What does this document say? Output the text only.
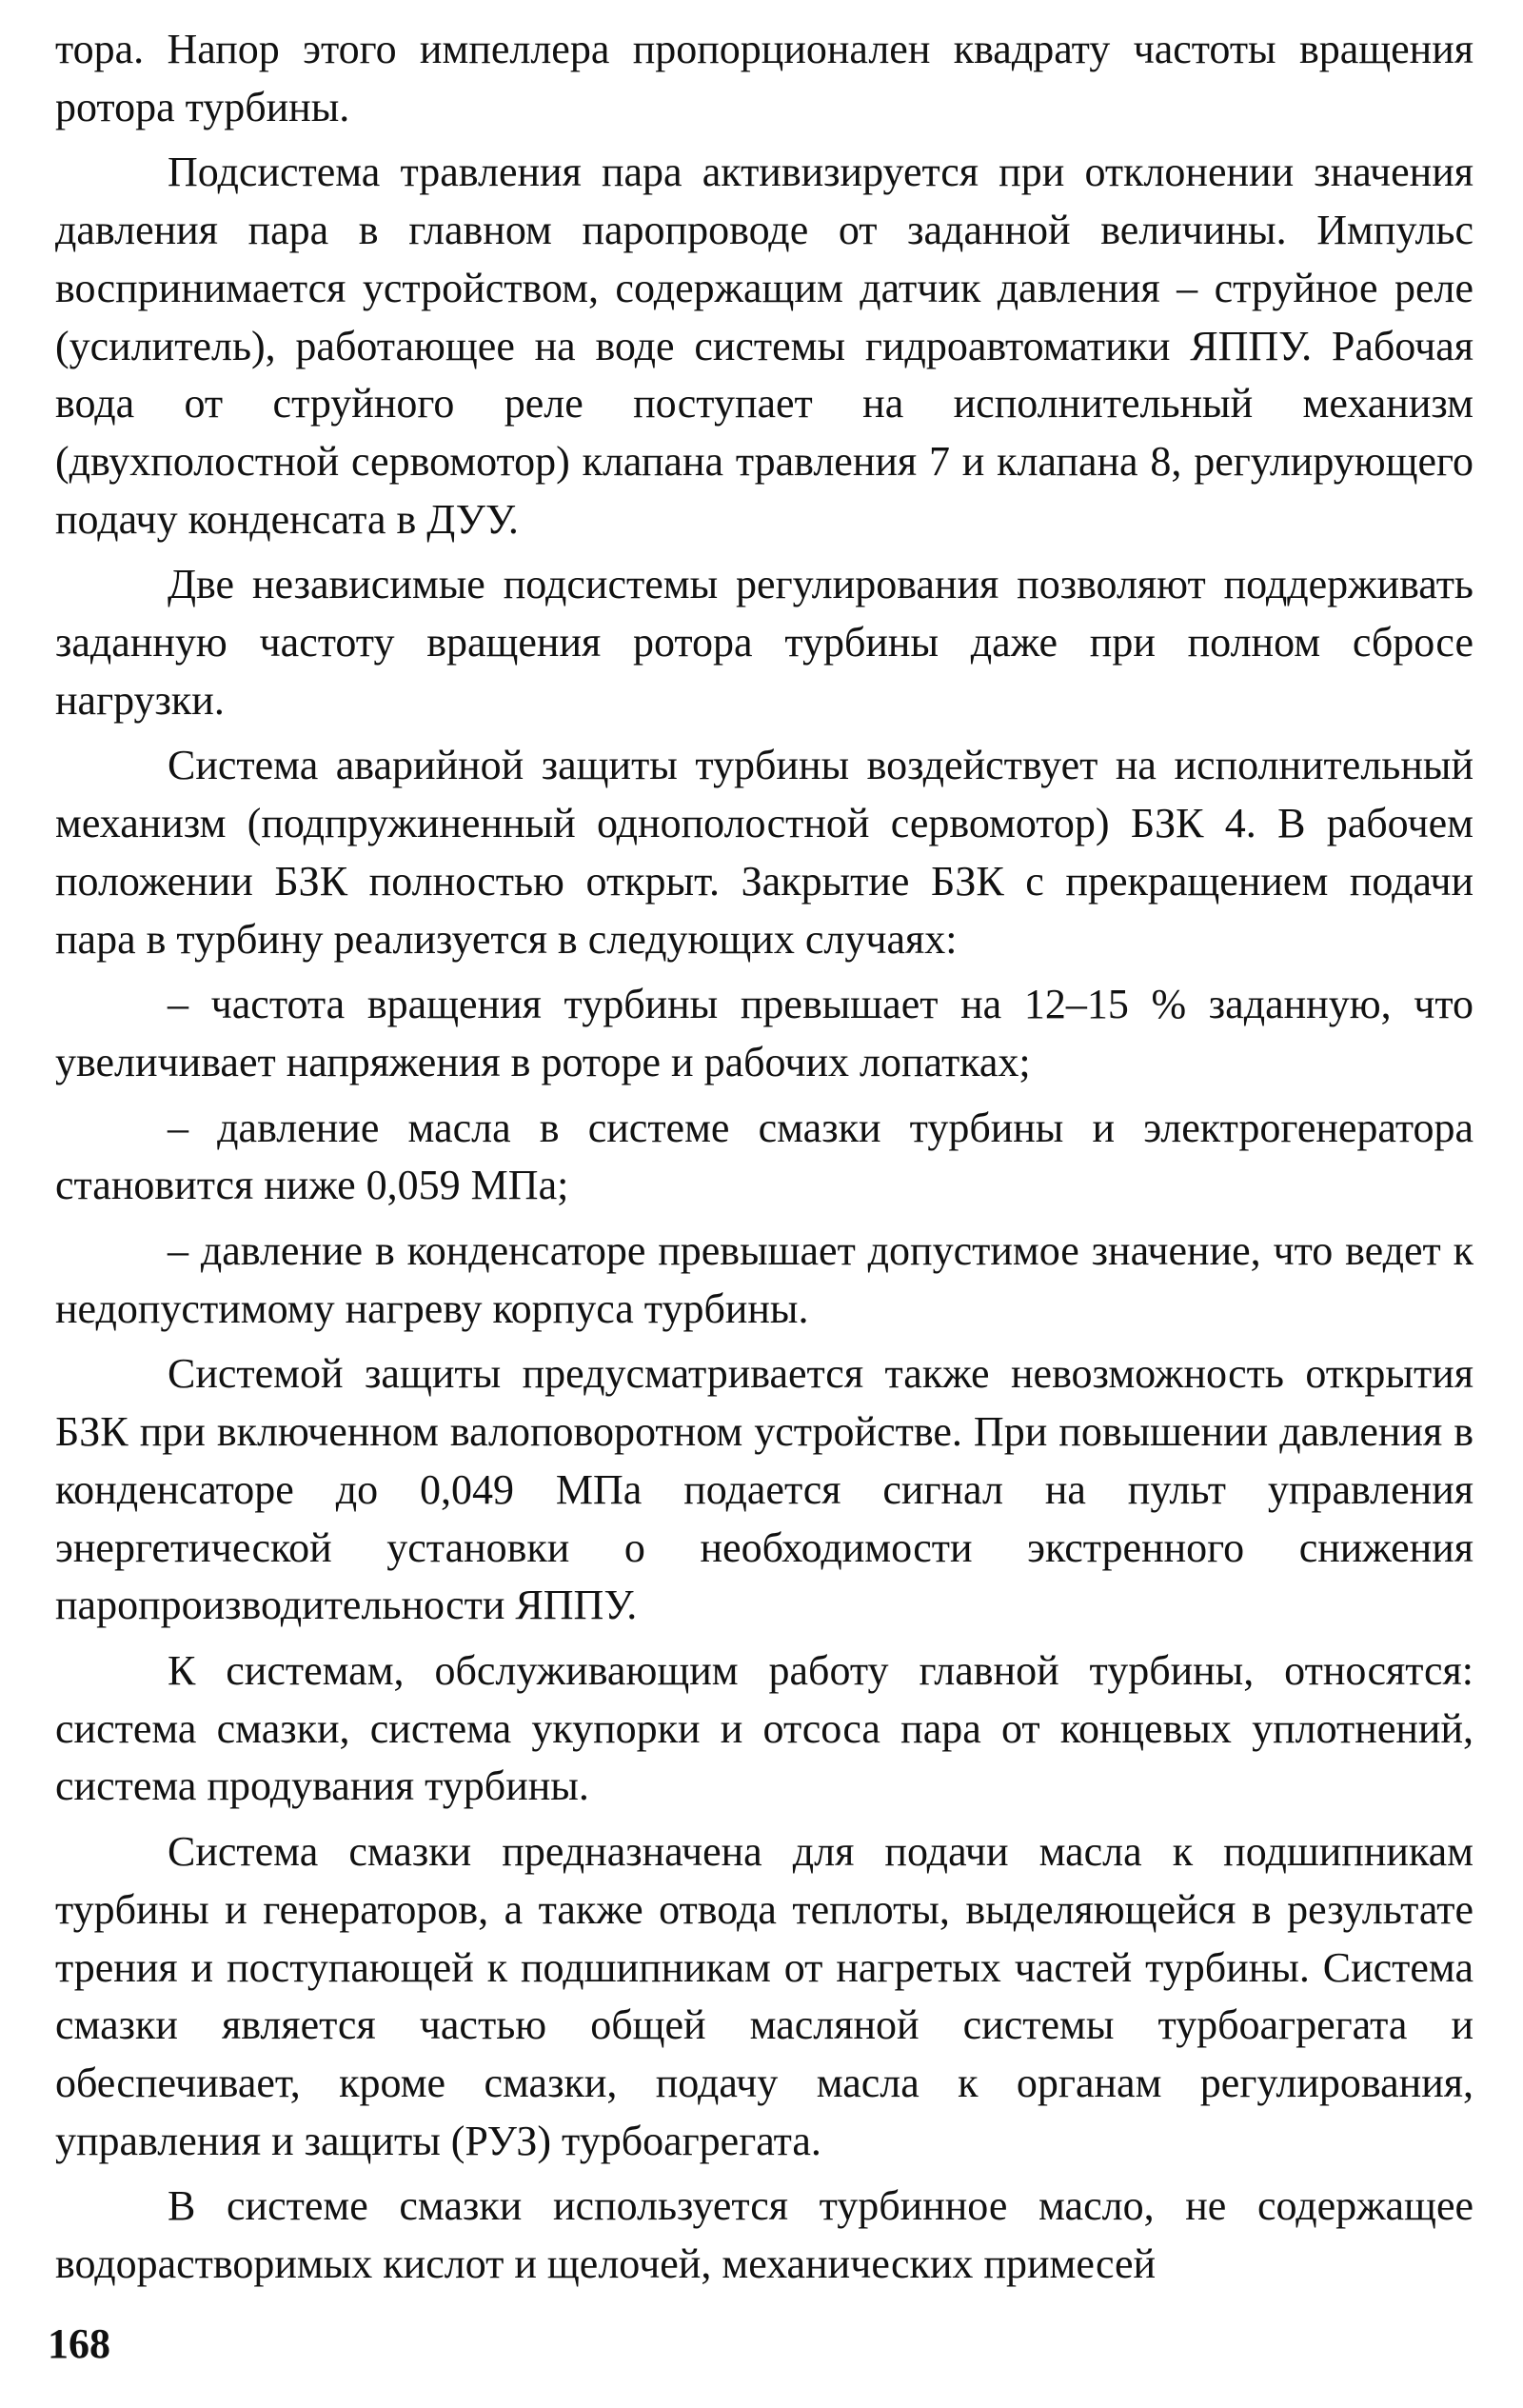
тора. Напор этого импеллера пропорционален квадрату частоты вращения ротора турбины.

Подсистема травления пара активизируется при отклонении значения давления пара в главном паропроводе от заданной величины. Импульс воспринимается устройством, содержащим датчик давления – струйное реле (усилитель), работающее на воде системы гидроавтоматики ЯППУ. Рабочая вода от струйного реле поступает на исполнительный механизм (двухполостной сервомотор) клапана травления 7 и клапана 8, регулирующего подачу конденсата в ДУУ.

Две независимые подсистемы регулирования позволяют поддерживать заданную частоту вращения ротора турбины даже при полном сбросе нагрузки.

Система аварийной защиты турбины воздействует на исполнительный механизм (подпружиненный однополостной сервомотор) БЗК 4. В рабочем положении БЗК полностью открыт. Закрытие БЗК с прекращением подачи пара в турбину реализуется в следующих случаях:

– частота вращения турбины превышает на 12–15 % заданную, что увеличивает напряжения в роторе и рабочих лопатках;

– давление масла в системе смазки турбины и электрогенератора становится ниже 0,059 МПа;

– давление в конденсаторе превышает допустимое значение, что ведет к недопустимому нагреву корпуса турбины.

Системой защиты предусматривается также невозможность открытия БЗК при включенном валоповоротном устройстве. При повышении давления в конденсаторе до 0,049 МПа подается сигнал на пульт управления энергетической установки о необходимости экстренного снижения паропроизводительности ЯППУ.

К системам, обслуживающим работу главной турбины, относятся: система смазки, система укупорки и отсоса пара от концевых уплотнений, система продувания турбины.

Система смазки предназначена для подачи масла к подшипникам турбины и генераторов, а также отвода теплоты, выделяющейся в результате трения и поступающей к подшипникам от нагретых частей турбины. Система смазки является частью общей масляной системы турбоагрегата и обеспечивает, кроме смазки, подачу масла к органам регулирования, управления и защиты (РУЗ) турбоагрегата.

В системе смазки используется турбинное масло, не содержащее водорастворимых кислот и щелочей, механических примесей

168
